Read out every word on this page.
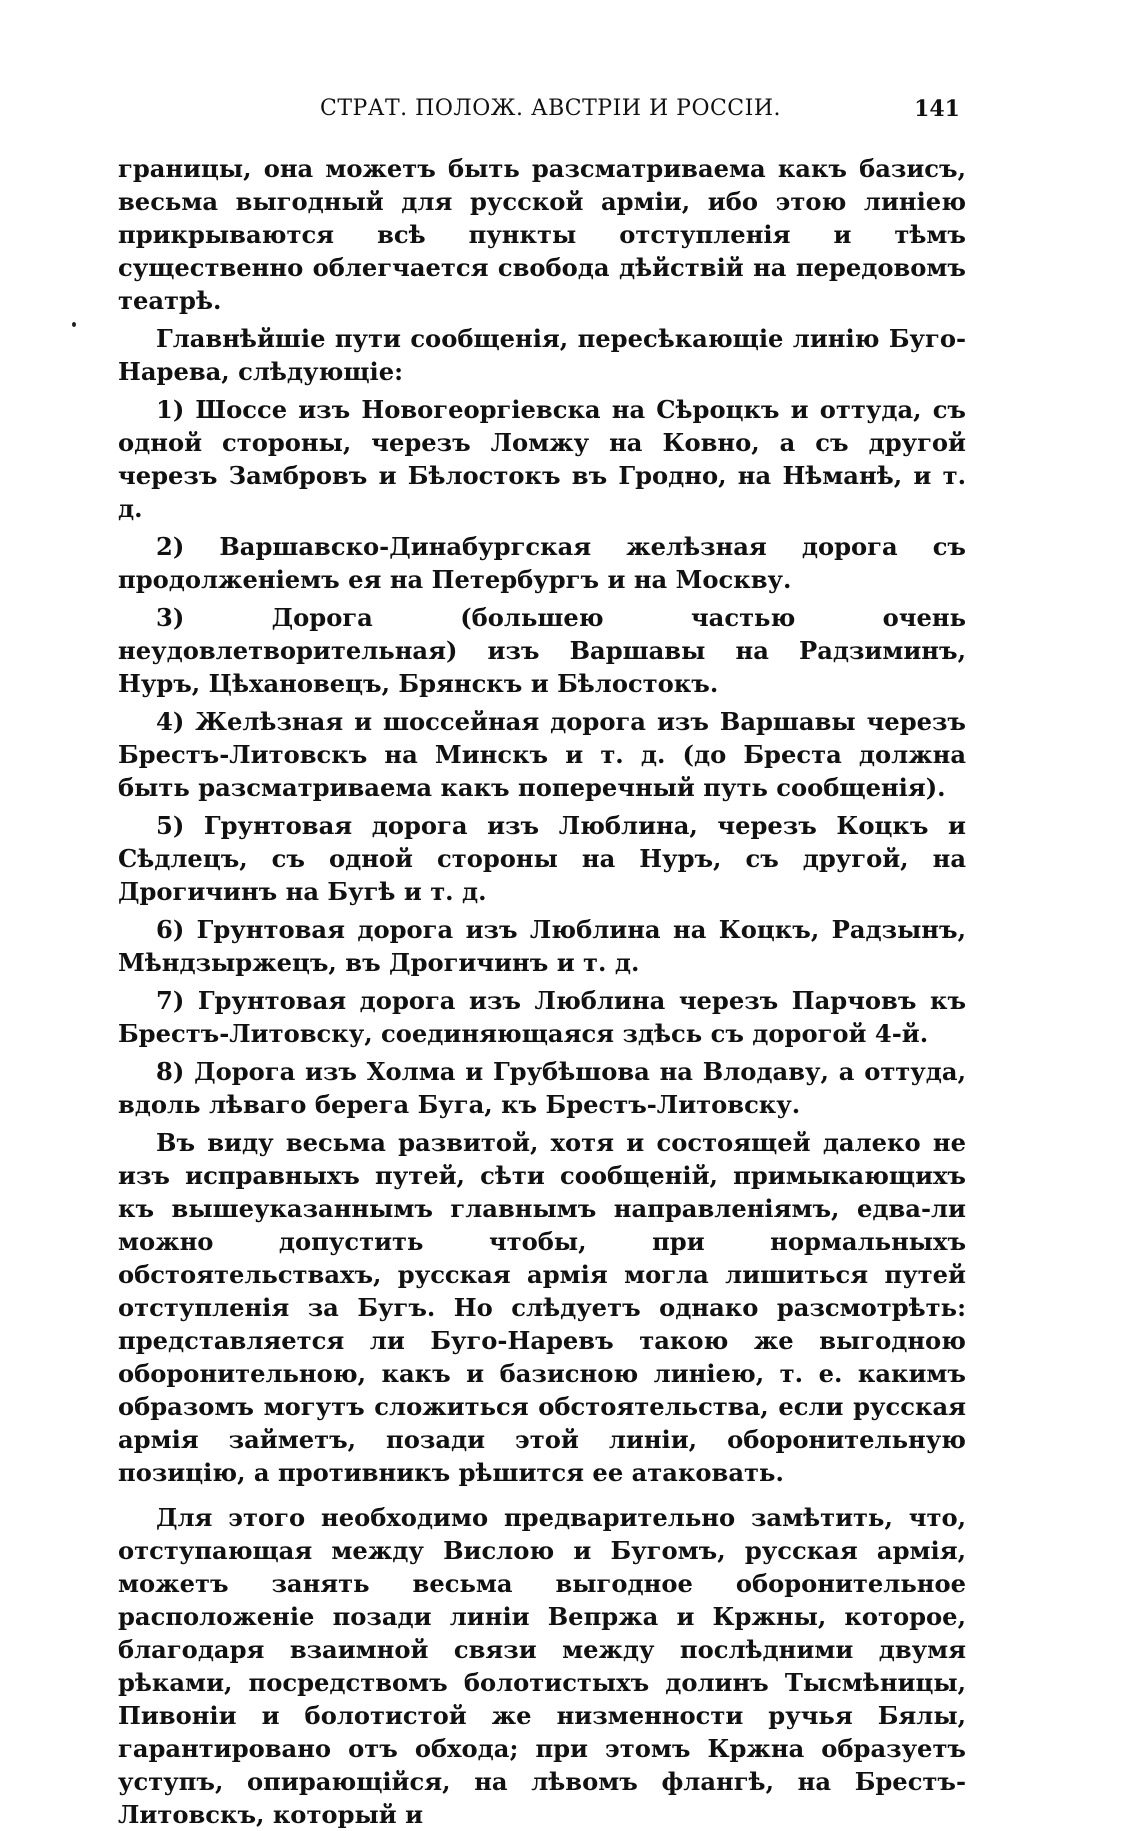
СТРАТ. ПОЛОЖ. АВСТРІИ И РОССІИ.	141

границы, она можетъ быть разсматриваема какъ базисъ, весьма выгодный для русской арміи, ибо этою линіею прикрываются всѣ пункты отступленія и тѣмъ существенно облегчается свобода дѣйствій на передовомъ театрѣ.

Главнѣйшіе пути сообщенія, пересѣкающіе линію Буго-Нарева, слѣдующіе:

1) Шоссе изъ Новогеоргіевска на Сѣроцкъ и оттуда, съ одной стороны, черезъ Ломжу на Ковно, а съ другой черезъ Замбровъ и Бѣлостокъ въ Гродно, на Нѣманѣ, и т. д.

2) Варшавско-Динабургская желѣзная дорога съ продолженіемъ ея на Петербургъ и на Москву.

3) Дорога (большею частью очень неудовлетворительная) изъ Варшавы на Радзиминъ, Нуръ, Цѣхановецъ, Брянскъ и Бѣлостокъ.

4) Желѣзная и шоссейная дорога изъ Варшавы черезъ Брестъ-Литовскъ на Минскъ и т. д. (до Бреста должна быть разсматриваема какъ поперечный путь сообщенія).

5) Грунтовая дорога изъ Люблина, черезъ Коцкъ и Сѣдлецъ, съ одной стороны на Нуръ, съ другой, на Дрогичинъ на Бугѣ и т. д.

6) Грунтовая дорога изъ Люблина на Коцкъ, Радзынъ, Мѣндзыржецъ, въ Дрогичинъ и т. д.

7) Грунтовая дорога изъ Люблина черезъ Парчовъ къ Брестъ-Литовску, соединяющаяся здѣсь съ дорогой 4-й.

8) Дорога изъ Холма и Грубѣшова на Влодаву, а оттуда, вдоль лѣваго берега Буга, къ Брестъ-Литовску.

Въ виду весьма развитой, хотя и состоящей далеко не изъ исправныхъ путей, сѣти сообщеній, примыкающихъ къ вышеуказаннымъ главнымъ направленіямъ, едва-ли можно допустить чтобы, при нормальныхъ обстоятельствахъ, русская армія могла лишиться путей отступленія за Бугъ. Но слѣдуетъ однако разсмотрѣть: представляется ли Буго-Наревъ такою же выгодною оборонительною, какъ и базисною линіею, т. е. какимъ образомъ могутъ сложиться обстоятельства, если русская армія займетъ, позади этой линіи, оборонительную позицію, а противникъ рѣшится ее атаковать.

Для этого необходимо предварительно замѣтить, что, отступающая между Вислою и Бугомъ, русская армія, можетъ занять весьма выгодное оборонительное расположеніе позади линіи Вепржа и Кржны, которое, благодаря взаимной связи между послѣдними двумя рѣками, посредствомъ болотистыхъ долинъ Тысмѣницы, Пивоніи и болотистой же низменности ручья Бялы, гарантировано отъ обхода; при этомъ Кржна образуетъ уступъ, опирающійся, на лѣвомъ флангѣ, на Брестъ-Литовскъ, который и
